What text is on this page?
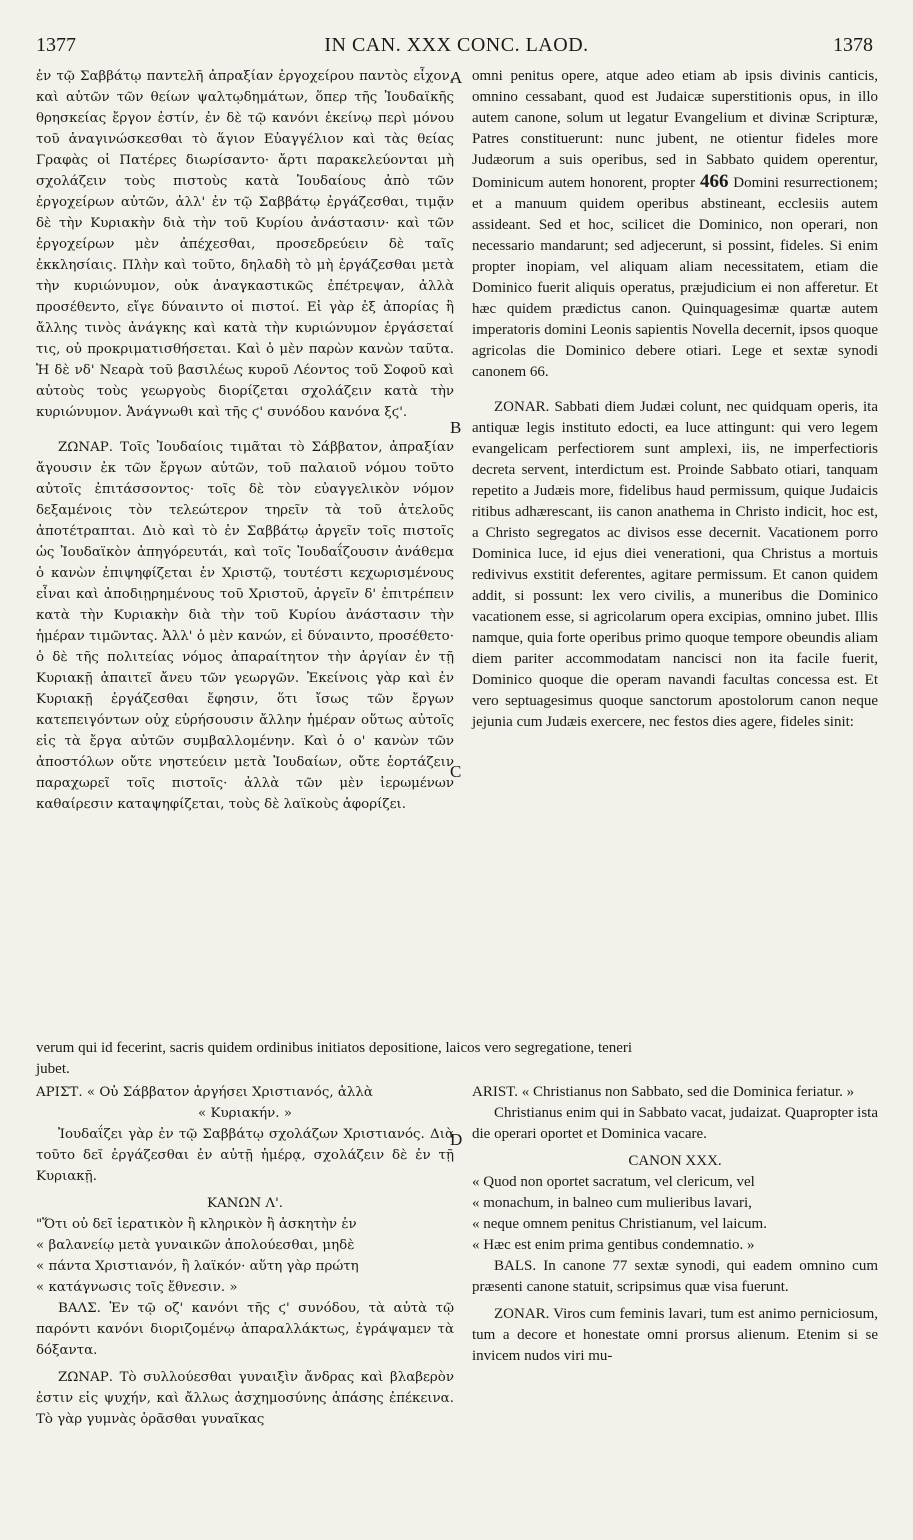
1377	IN CAN. XXX CONC. LAOD.	1378
A
B
C
D

ἐν τῷ Σαββάτῳ παντελῆ ἀπραξίαν ἐργοχείρου παντὸς εἶχον, καὶ αὐτῶν τῶν θείων ψαλτῳδημάτων, ὅπερ τῆς Ἰουδαϊκῆς θρησκείας ἔργον ἐστίν, ἐν δὲ τῷ κανόνι ἐκείνῳ περὶ μόνου τοῦ ἀναγινώσκεσθαι τὸ ἅγιον Εὐαγγέλιον καὶ τὰς θείας Γραφὰς οἱ Πατέρες διωρίσαντο· ἄρτι παρακελεύονται μὴ σχολάζειν τοὺς πιστοὺς κατὰ Ἰουδαίους ἀπὸ τῶν ἐργοχείρων αὐτῶν, ἀλλ' ἐν τῷ Σαββάτῳ ἐργάζεσθαι, τιμᾷν δὲ τὴν Κυριακὴν διὰ τὴν τοῦ Κυρίου ἀνάστασιν· καὶ τῶν ἐργοχείρων μὲν ἀπέχεσθαι, προσεδρεύειν δὲ ταῖς ἐκκλησίαις. Πλὴν καὶ τοῦτο, δηλαδὴ τὸ μὴ ἐργάζεσθαι μετὰ τὴν κυριώνυμον, οὐκ ἀναγκαστικῶς ἐπέτρεψαν, ἀλλὰ προσέθεντο, εἴγε δύναιντο οἱ πιστοί. Εἰ γὰρ ἐξ ἀπορίας ἢ ἄλλης τινὸς ἀνάγκης καὶ κατὰ τὴν κυριώνυμον ἐργάσεταί τις, οὐ προκριματισθήσεται. Καὶ ὁ μὲν παρὼν κανὼν ταῦτα. Ἡ δὲ νδ' Νεαρὰ τοῦ βασιλέως κυροῦ Λέοντος τοῦ Σοφοῦ καὶ αὐτοὺς τοὺς γεωργοὺς διορίζεται σχολάζειν κατὰ τὴν κυριώνυμον. Ἀνάγνωθι καὶ τῆς ϛ' συνόδου κανόνα ξϛ'.

ΖΩΝΑΡ. Τοῖς Ἰουδαίοις τιμᾶται τὸ Σάββατον, ἀπραξίαν ἄγουσιν ἐκ τῶν ἔργων αὐτῶν, τοῦ παλαιοῦ νόμου τοῦτο αὐτοῖς ἐπιτάσσοντος· τοῖς δὲ τὸν εὐαγγελικὸν νόμον δεξαμένοις τὸν τελεώτερον τηρεῖν τὰ τοῦ ἀτελοῦς ἀποτέτραπται. Διὸ καὶ τὸ ἐν Σαββάτῳ ἀργεῖν τοῖς πιστοῖς ὡς Ἰουδαϊκὸν ἀπηγόρευτάι, καὶ τοῖς Ἰουδαΐζουσιν ἀνάθεμα ὁ κανὼν ἐπιψηφίζεται ἐν Χριστῷ, τουτέστι κεχωρισμένους εἶναι καὶ ἀποδιῃρημένους τοῦ Χριστοῦ, ἀργεῖν δ' ἐπιτρέπειν κατὰ τὴν Κυριακὴν διὰ τὴν τοῦ Κυρίου ἀνάστασιν τὴν ἡμέραν τιμῶντας. Ἀλλ' ὁ μὲν κανών, εἰ δύναιντο, προσέθετο· ὁ δὲ τῆς πολιτείας νόμος ἀπαραίτητον τὴν ἀργίαν ἐν τῇ Κυριακῇ ἀπαιτεῖ ἄνευ τῶν γεωργῶν. Ἐκείνοις γὰρ καὶ ἐν Κυριακῇ ἐργάζεσθαι ἔφησιν, ὅτι ἴσως τῶν ἔργων κατεπειγόντων οὐχ εὑρήσουσιν ἄλλην ἡμέραν οὕτως αὐτοῖς εἰς τὰ ἔργα αὐτῶν συμβαλλομένην. Καὶ ὁ ο' κανὼν τῶν ἀποστόλων οὔτε νηστεύειν μετὰ Ἰουδαίων, οὔτε ἑορτάζειν παραχωρεῖ τοῖς πιστοῖς· ἀλλὰ τῶν μὲν ἱερωμένων καθαίρεσιν καταψηφίζεται, τοὺς δὲ λαϊκοὺς ἀφορίζει.

omni penitus opere, atque adeo etiam ab ipsis divinis canticis, omnino cessabant, quod est Judaicæ superstitionis opus, in illo autem canone, solum ut legatur Evangelium et divinæ Scripturæ, Patres constituerunt: nunc jubent, ne otientur fideles more Judæorum a suis operibus, sed in Sabbato quidem operentur, Dominicum autem honorent, propter 466 Domini resurrectionem; et a manuum quidem operibus abstineant, ecclesiis autem assideant. Sed et hoc, scilicet die Dominico, non operari, non necessario mandarunt; sed adjecerunt, si possint, fideles. Si enim propter inopiam, vel aliquam aliam necessitatem, etiam die Dominico fuerit aliquis operatus, præjudicium ei non afferetur. Et hæc quidem prædictus canon. Quinquagesimæ quartæ autem imperatoris domini Leonis sapientis Novella decernit, ipsos quoque agricolas die Dominico debere otiari. Lege et sextæ synodi canonem 66.

ZONAR. Sabbati diem Judæi colunt, nec quidquam operis, ita antiquæ legis instituto edocti, ea luce attingunt: qui vero legem evangelicam perfectiorem sunt amplexi, iis, ne imperfectioris decreta servent, interdictum est. Proinde Sabbato otiari, tanquam repetito a Judæis more, fidelibus haud permissum, quique Judaicis ritibus adhærescant, iis canon anathema in Christo indicit, hoc est, a Christo segregatos ac divisos esse decernit. Vacationem porro Dominica luce, id ejus diei venerationi, qua Christus a mortuis redivivus exstitit deferentes, agitare permissum. Et canon quidem addit, si possunt: lex vero civilis, a muneribus die Dominico vacationem esse, si agricolarum opera excipias, omnino jubet. Illis namque, quia forte operibus primo quoque tempore obeundis aliam diem pariter accommodatam nancisci non ita facile fuerit, Dominico quoque die operam navandi facultas concessa est. Et vero septuagesimus quoque sanctorum apostolorum canon neque jejunia cum Judæis exercere, nec festos dies agere, fideles sinit:

verum qui id fecerint, sacris quidem ordinibus initiatos depositione, laicos vero segregatione, teneri
jubet.

ΑΡΙΣΤ. « Οὐ Σάββατον ἀργήσει Χριστιανός, ἀλλὰ

« Κυριακήν. »

Ἰουδαΐζει γὰρ ἐν τῷ Σαββάτῳ σχολάζων Χριστιανός. Διὰ τοῦτο δεῖ ἐργάζεσθαι ἐν αὐτῇ ἡμέρᾳ, σχολάζειν δὲ ἐν τῇ Κυριακῇ.

ΚΑΝΩΝ Λ'.

"Ὅτι οὐ δεῖ ἱερατικὸν ἢ κληρικὸν ἢ ἀσκητὴν ἐν

« βαλανείῳ μετὰ γυναικῶν ἀπολούεσθαι, μηδὲ

« πάντα Χριστιανόν, ἢ λαϊκόν· αὕτη γὰρ πρώτη

« κατάγνωσις τοῖς ἔθνεσιν. »

ΒΑΛΣ. Ἐν τῷ οζ' κανόνι τῆς ϛ' συνόδου, τὰ αὐτὰ τῷ παρόντι κανόνι διοριζομένῳ ἀπαραλλάκτως, ἐγράψαμεν τὰ δόξαντα.

ΖΩΝΑΡ. Τὸ συλλούεσθαι γυναιξὶν ἄνδρας καὶ βλαβερὸν ἐστιν εἰς ψυχήν, καὶ ἄλλως ἀσχημοσύνης ἁπάσης ἐπέκεινα. Τὸ γὰρ γυμνὰς ὁρᾶσθαι γυναῖκας

ARIST. « Christianus non Sabbato, sed die Dominica feriatur. »

Christianus enim qui in Sabbato vacat, judaizat. Quapropter ista die operari oportet et Dominica vacare.

CANON XXX.

« Quod non oportet sacratum, vel clericum, vel

« monachum, in balneo cum mulieribus lavari,

« neque omnem penitus Christianum, vel laicum.

« Hæc est enim prima gentibus condemnatio. »

BALS. In canone 77 sextæ synodi, qui eadem omnino cum præsenti canone statuit, scripsimus quæ visa fuerunt.

ZONAR. Viros cum feminis lavari, tum est animo perniciosum, tum a decore et honestate omni prorsus alienum. Etenim si se invicem nudos viri mu-
